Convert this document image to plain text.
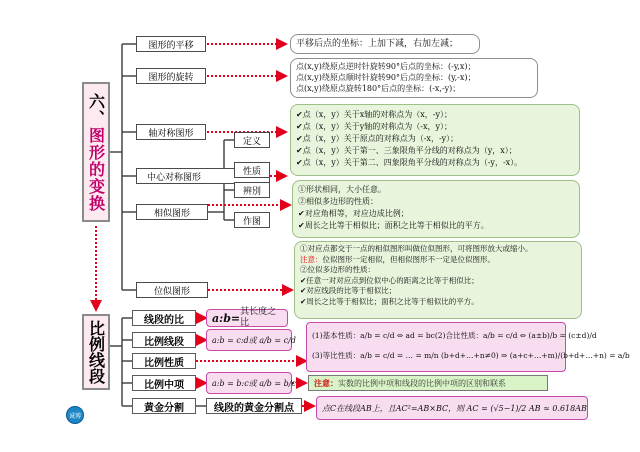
六、
图形的变换
比例线段
图形的平移
图形的旋转
轴对称图形
中心对称图形
相似图形
位似图形
定义
性质
辨別
作图
平移后点的坐标：上加下减，右加左减；
点(x,y)绕原点逆时针旋转90°后点的坐标：(-y,x)；
点(x,y)绕原点顺时针旋转90°后点的坐标：(y,-x)；
点(x,y)绕原点旋转180°后点的坐标：(-x,-y)；
✔点（x，y）关于x轴的对称点为（x，-y）；
✔点（x，y）关于y轴的对称点为（-x，y）；
✔点（x，y）关于原点的对称点为（-x，-y）；
✔点（x，y）关于第一、三象限角平分线的对称点为（y，x）；
✔点（x，y）关于第二、四象限角平分线的对称点为（-y，-x）。
①形状相同，大小任意。
②相似多边形的性质：
✔对应角相等，对应边成比例；
✔周长之比等于相似比；面积之比等于相似比的平方。
①对应点都交于一点的相似图形叫做位似图形，可将图形放大或缩小。
注意：位似图形一定相似，但相似图形不一定是位似图形。
②位似多边形的性质：
✔任意一对对应点到位似中心的距离之比等于相似比；
✔对应线段的比等于相似比；
✔周长之比等于相似比；面积之比等于相似比的平方。
线段的比
比例线段
比例性质
比例中项
黄金分割	线段的黄金分割点
a:b= 其长度之比
a:b = c:d或 a/b = c/d (1)基本性质：a/b = c/d ⇔ ad = bc(2)合比性质：a/b = c/d ⇔ (a±b)/b = (c±d)/d
(3)等比性质：a/b = c/d = … = m/n (b+d+…+n≠0) ⇒ (a+c+…+m)/(b+d+…+n) = a/b
a:b = b:c或 a/b = b/c 注意： 实数的比例中项和线段的比例中项的区别和联系
点C在线段AB上，且AC²=AB×BC，则 AC = (√5−1)/2 AB ≈ 0.618AB
诚博
